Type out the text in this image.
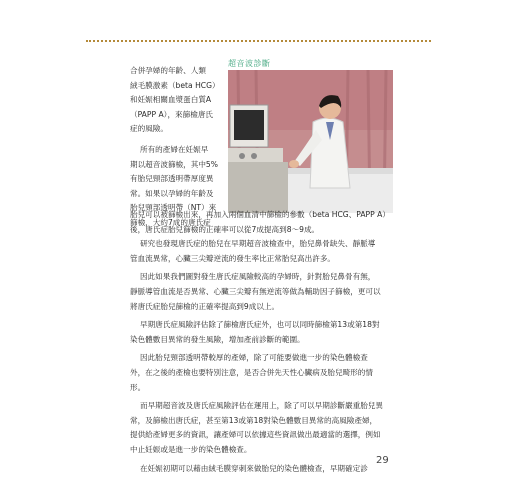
超音波診斷

合併孕婦的年齡、人類

絨毛膜激素（beta HCG）

和妊娠相關血漿蛋白質A

（PAPP A），來篩檢唐氏

症的風險。

所有的產婦在妊娠早

期以超音波篩檢，其中5%

有胎兒頸部透明帶厚度異

常。如果以孕婦的年齡及

胎兒頸部透明帶（NT）來

篩檢，大約7成的唐氏症

胎兒可以被篩檢出來，再加入兩個血清中篩檢的參數（beta HCG、PAPP A）

後，唐氏症胎兒篩檢的正確率可以從7成提高到8～9成。

研究也發現唐氏症的胎兒在早期超音波檢查中，胎兒鼻骨缺失、靜脈導

管血流異常，心臟三尖瓣逆流的發生率比正常胎兒高出許多。

因此如果我們圖對發生唐氏症風險較高的孕婦時，針對胎兒鼻骨有無，

靜脈導管血流是否異常、心臟三尖瓣有無逆流等做為輔助因子篩檢，更可以

將唐氏症胎兒篩檢的正確率提高到9成以上。

早期唐氏症風險評估除了篩檢唐氏症外，也可以同時篩檢第13或第18對

染色體數目異常的發生風險，增加產前診斷的範圍。

因此胎兒頸部透明帶較厚的產婦，除了可能要做進一步的染色體檢查

外，在之後的產檢也要特別注意，是否合併先天性心臟病及胎兒畸形的情

形。

而早期超音波及唐氏症風險評估在運用上，除了可以早期診斷嚴重胎兒異

常，及篩檢出唐氏症，甚至第13或第18對染色體數目異常的高風險產婦，

提供給產婦更多的資訊，讓產婦可以依據這些資訊做出最適當的選擇，例如

中止妊娠或是進一步的染色體檢查。

在妊娠初期可以藉由絨毛膜穿刺來做胎兒的染色體檢查，早期確定診

29
